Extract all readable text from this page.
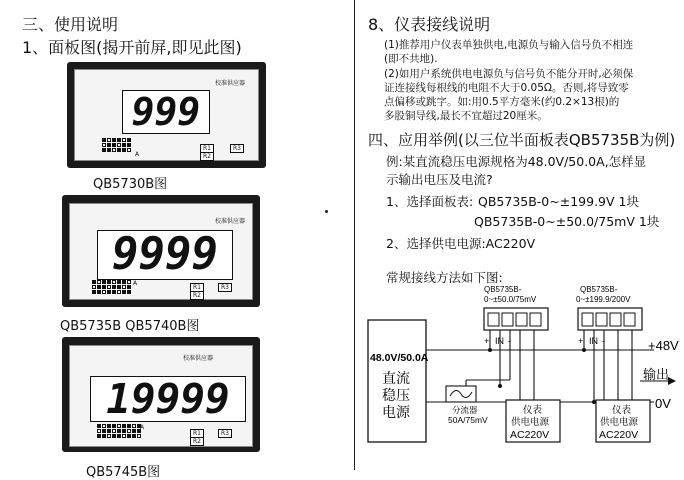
三、使用说明
1、面板图(揭开前屏,即见此图)
校准供应器
999
A
R1
R2
R3
QB5730B图
校准供应器
9999
A
R1
R2
R3
QB5735B QB5740B图
校准供应器
19999
A
R1
R2
R3
QB5745B图
8、仪表接线说明
(1)推荐用户仪表单独供电,电源负与输入信号负不相连
(即不共地).
(2)如用户系统供电电源负与信号负不能分开时,必须保
证连接线每根线的电阻不大于0.05Ω。否则,将导致零
点偏移或跳字。如:用0.5平方毫米(约0.2×13根)的
多股铜导线,最长不宜超过20厘米。
四、应用举例(以三位半面板表QB5735B为例)
例:某直流稳压电源规格为48.0V/50.0A,怎样显
示输出电压及电流?
1、选择面板表: QB5735B-0~±199.9V 1块
QB5735B-0~±50.0/75mV 1块
2、选择供电电源:AC220V
常规接线方法如下图:
48.0V/50.0A
直流
稳压
电源
QB5735B-
0~±50.0/75mV
+ IN -
QB5735B-
0~±199.9/200V
+ IN -
分流器
50A/75mV
仪表
供电电源
AC220V
仪表
供电电源
AC220V
+48V
输出
0V
